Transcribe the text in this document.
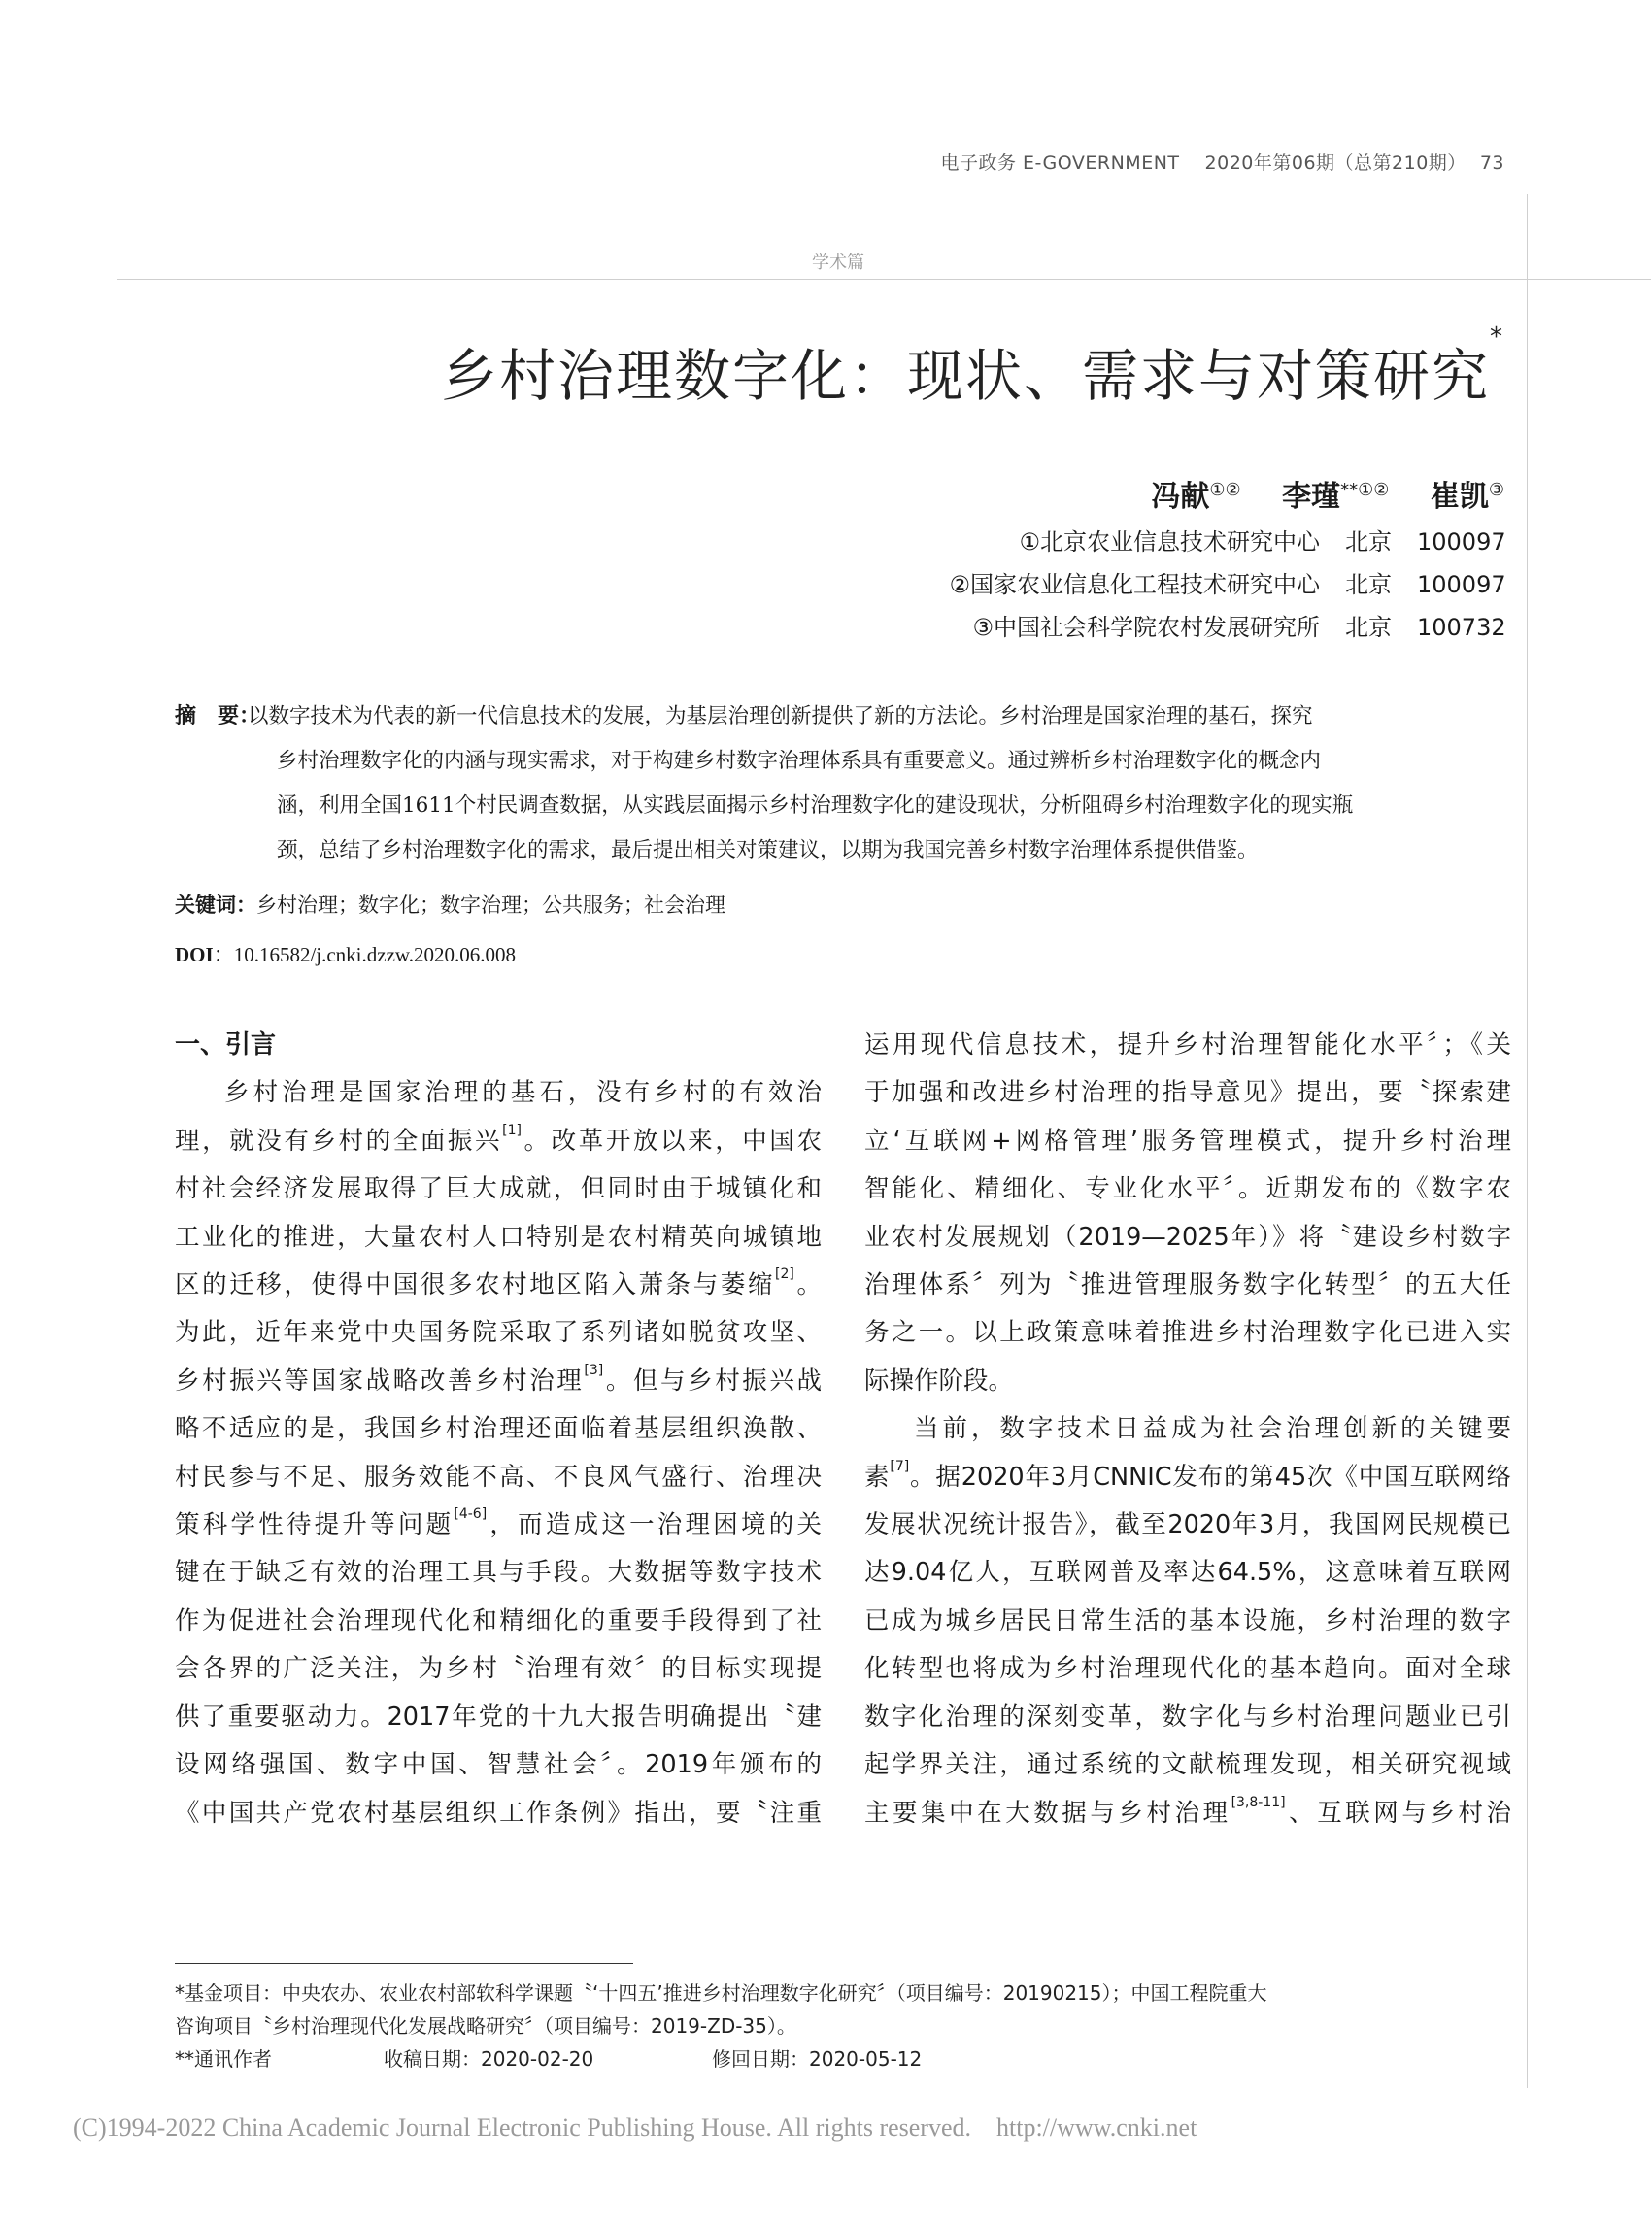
电子政务 E-GOVERNMENT 2020年第06期（总第210期） 73
学术篇
乡村治理数字化：现状、需求与对策研究*
冯献①② 李瑾**①② 崔凯③
①北京农业信息技术研究中心 北京 100097
②国家农业信息化工程技术研究中心 北京 100097
③中国社会科学院农村发展研究所 北京 100732
摘　要：
以数字技术为代表的新一代信息技术的发展，为基层治理创新提供了新的方法论。乡村治理是国家治理的基石，探究
乡村治理数字化的内涵与现实需求，对于构建乡村数字治理体系具有重要意义。通过辨析乡村治理数字化的概念内
涵，利用全国1611个村民调查数据，从实践层面揭示乡村治理数字化的建设现状，分析阻碍乡村治理数字化的现实瓶
颈，总结了乡村治理数字化的需求，最后提出相关对策建议，以期为我国完善乡村数字治理体系提供借鉴。
关键词：乡村治理；数字化；数字治理；公共服务；社会治理
DOI：10.16582/j.cnki.dzzw.2020.06.008
一、引言
乡村治理是国家治理的基石，没有乡村的有效治
理，就没有乡村的全面振兴[1]。改革开放以来，中国农
村社会经济发展取得了巨大成就，但同时由于城镇化和
工业化的推进，大量农村人口特别是农村精英向城镇地
区的迁移，使得中国很多农村地区陷入萧条与萎缩[2]。
为此，近年来党中央国务院采取了系列诸如脱贫攻坚、
乡村振兴等国家战略改善乡村治理[3]。但与乡村振兴战
略不适应的是，我国乡村治理还面临着基层组织涣散、
村民参与不足、服务效能不高、不良风气盛行、治理决
策科学性待提升等问题[4-6]，而造成这一治理困境的关
键在于缺乏有效的治理工具与手段。大数据等数字技术
作为促进社会治理现代化和精细化的重要手段得到了社
会各界的广泛关注，为乡村〝治理有效〞的目标实现提
供了重要驱动力。2017年党的十九大报告明确提出〝建
设网络强国、数字中国、智慧社会〞。2019年颁布的
《中国共产党农村基层组织工作条例》指出，要〝注重
运用现代信息技术，提升乡村治理智能化水平〞；《关
于加强和改进乡村治理的指导意见》提出，要〝探索建
立‘互联网+网格管理’服务管理模式，提升乡村治理
智能化、精细化、专业化水平〞。近期发布的《数字农
业农村发展规划（2019—2025年）》将〝建设乡村数字
治理体系〞列为〝推进管理服务数字化转型〞的五大任
务之一。以上政策意味着推进乡村治理数字化已进入实
际操作阶段。
当前，数字技术日益成为社会治理创新的关键要
素[7]。据2020年3月CNNIC发布的第45次《中国互联网络
发展状况统计报告》，截至2020年3月，我国网民规模已
达9.04亿人，互联网普及率达64.5%，这意味着互联网
已成为城乡居民日常生活的基本设施，乡村治理的数字
化转型也将成为乡村治理现代化的基本趋向。面对全球
数字化治理的深刻变革，数字化与乡村治理问题业已引
起学界关注，通过系统的文献梳理发现，相关研究视域
主要集中在大数据与乡村治理[3,8-11]、互联网与乡村治
*基金项目：中央农办、农业农村部软科学课题〝‘十四五’推进乡村治理数字化研究〞（项目编号：20190215）；中国工程院重大
咨询项目〝乡村治理现代化发展战略研究〞（项目编号：2019-ZD-35）。
**通讯作者	收稿日期：2020-02-20	修回日期：2020-05-12
(C)1994-2022 China Academic Journal Electronic Publishing House. All rights reserved. http://www.cnki.net
